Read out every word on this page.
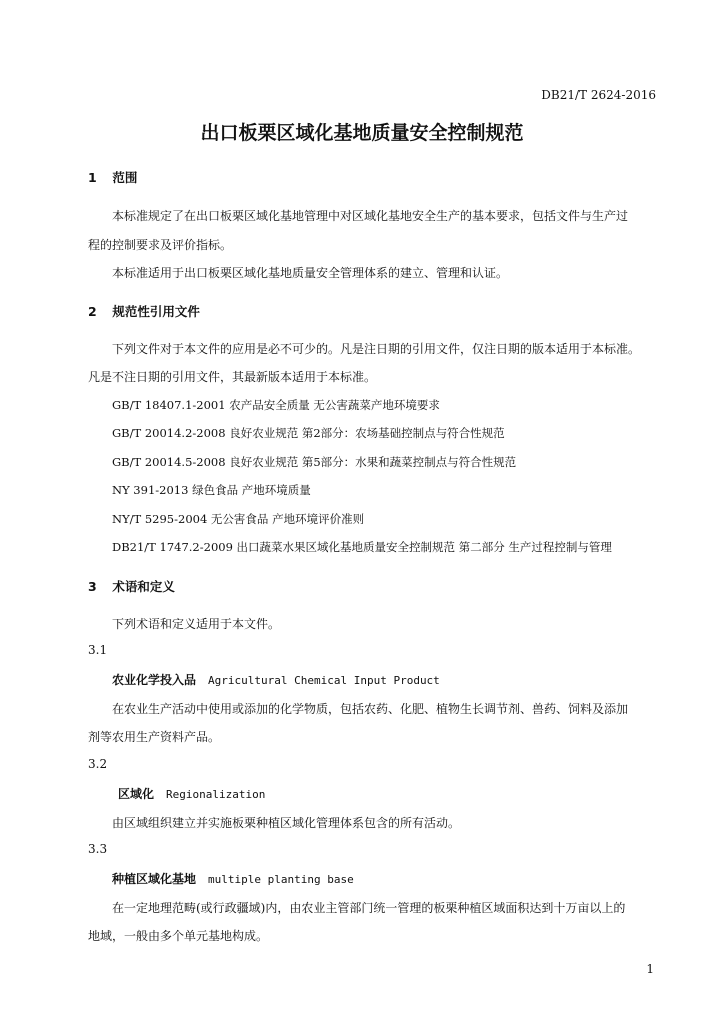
DB21/T 2624-2016
出口板栗区域化基地质量安全控制规范
1 范围
本标准规定了在出口板栗区域化基地管理中对区域化基地安全生产的基本要求，包括文件与生产过
程的控制要求及评价指标。
本标准适用于出口板栗区域化基地质量安全管理体系的建立、管理和认证。
2 规范性引用文件
下列文件对于本文件的应用是必不可少的。凡是注日期的引用文件，仅注日期的版本适用于本标准。
凡是不注日期的引用文件，其最新版本适用于本标准。
GB/T 18407.1-2001 农产品安全质量 无公害蔬菜产地环境要求
GB/T 20014.2-2008 良好农业规范 第2部分：农场基础控制点与符合性规范
GB/T 20014.5-2008 良好农业规范 第5部分：水果和蔬菜控制点与符合性规范
NY 391-2013 绿色食品 产地环境质量
NY/T 5295-2004 无公害食品 产地环境评价准则
DB21/T 1747.2-2009 出口蔬菜水果区域化基地质量安全控制规范 第二部分 生产过程控制与管理
3 术语和定义
下列术语和定义适用于本文件。
3.1
农业化学投入品 Agricultural Chemical Input Product
在农业生产活动中使用或添加的化学物质，包括农药、化肥、植物生长调节剂、兽药、饲料及添加
剂等农用生产资料产品。
3.2
区域化 Regionalization
由区域组织建立并实施板栗种植区域化管理体系包含的所有活动。
3.3
种植区域化基地 multiple planting base
在一定地理范畴(或行政疆域)内，由农业主管部门统一管理的板栗种植区域面积达到十万亩以上的
地域，一般由多个单元基地构成。
1
